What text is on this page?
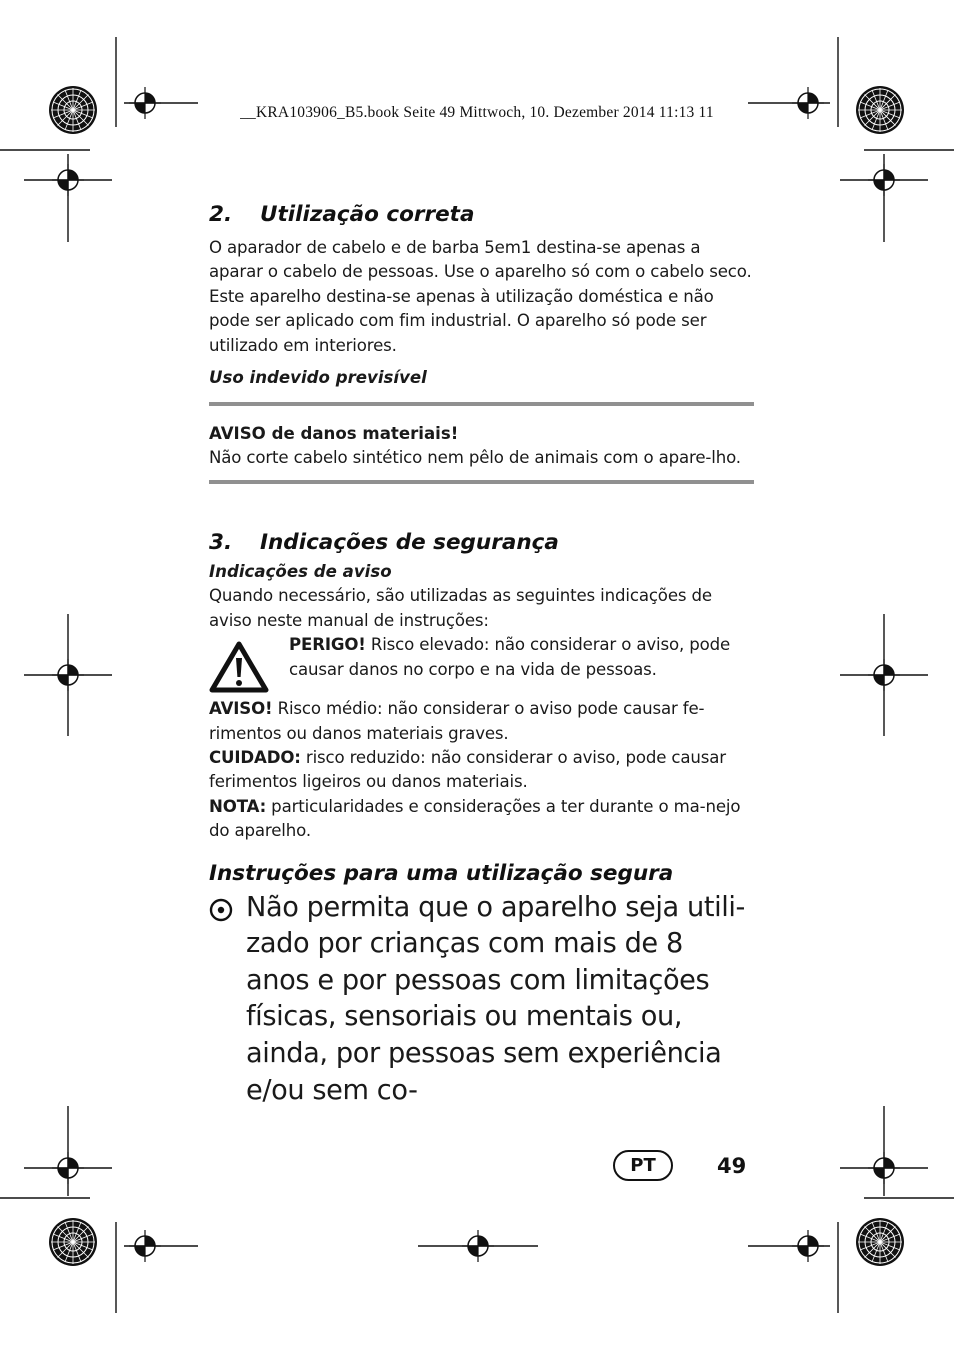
__KRA103906_B5.book Seite 49 Mittwoch, 10. Dezember 2014 11:13 11
2. Utilização correta

O aparador de cabelo e de barba 5em1 destina-se apenas a aparar o cabelo de pessoas. Use o aparelho só com o cabelo seco.

Este aparelho destina-se apenas à utilização doméstica e não pode ser aplicado com fim industrial. O aparelho só pode ser utilizado em interiores.

Uso indevido previsível

AVISO de danos materiais!

Não corte cabelo sintético nem pêlo de animais com o apare-lho.

3. Indicações de segurança

Indicações de aviso

Quando necessário, são utilizadas as seguintes indicações de aviso neste manual de instruções:

PERIGO! Risco elevado: não considerar o aviso, pode causar danos no corpo e na vida de pessoas.

AVISO! Risco médio: não considerar o aviso pode causar fe-rimentos ou danos materiais graves.

CUIDADO: risco reduzido: não considerar o aviso, pode causar ferimentos ligeiros ou danos materiais.

NOTA: particularidades e considerações a ter durante o ma-nejo do aparelho.

Instruções para uma utilização segura

Não permita que o aparelho seja utili-zado por crianças com mais de 8 anos e por pessoas com limitações físicas, sensoriais ou mentais ou, ainda, por pessoas sem experiência e/ou sem co-

PT	49
